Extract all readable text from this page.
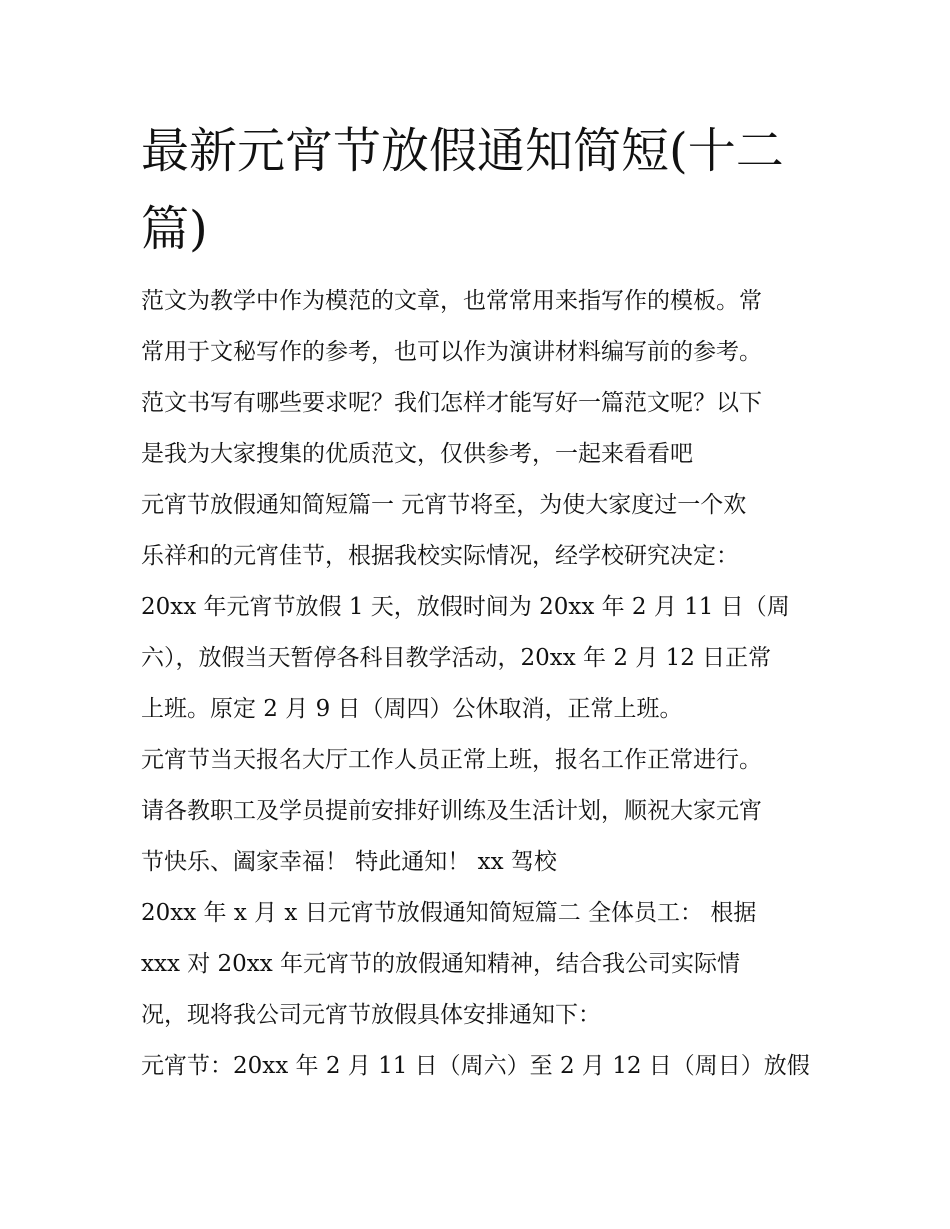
最新元宵节放假通知简短(十二
篇)
范文为教学中作为模范的文章，也常常用来指写作的模板。常
常用于文秘写作的参考，也可以作为演讲材料编写前的参考。
范文书写有哪些要求呢？我们怎样才能写好一篇范文呢？以下
是我为大家搜集的优质范文，仅供参考，一起来看看吧
元宵节放假通知简短篇一 元宵节将至，为使大家度过一个欢
乐祥和的元宵佳节，根据我校实际情况，经学校研究决定：
20xx 年元宵节放假 1 天，放假时间为 20xx 年 2 月 11 日（周
六），放假当天暂停各科目教学活动，20xx 年 2 月 12 日正常
上班。原定 2 月 9 日（周四）公休取消，正常上班。
元宵节当天报名大厅工作人员正常上班，报名工作正常进行。
请各教职工及学员提前安排好训练及生活计划，顺祝大家元宵
节快乐、阖家幸福！ 特此通知！ xx 驾校
20xx 年 x 月 x 日元宵节放假通知简短篇二 全体员工： 根据
xxx 对 20xx 年元宵节的放假通知精神，结合我公司实际情
况，现将我公司元宵节放假具体安排通知下：
元宵节：20xx 年 2 月 11 日（周六）至 2 月 12 日（周日）放假
